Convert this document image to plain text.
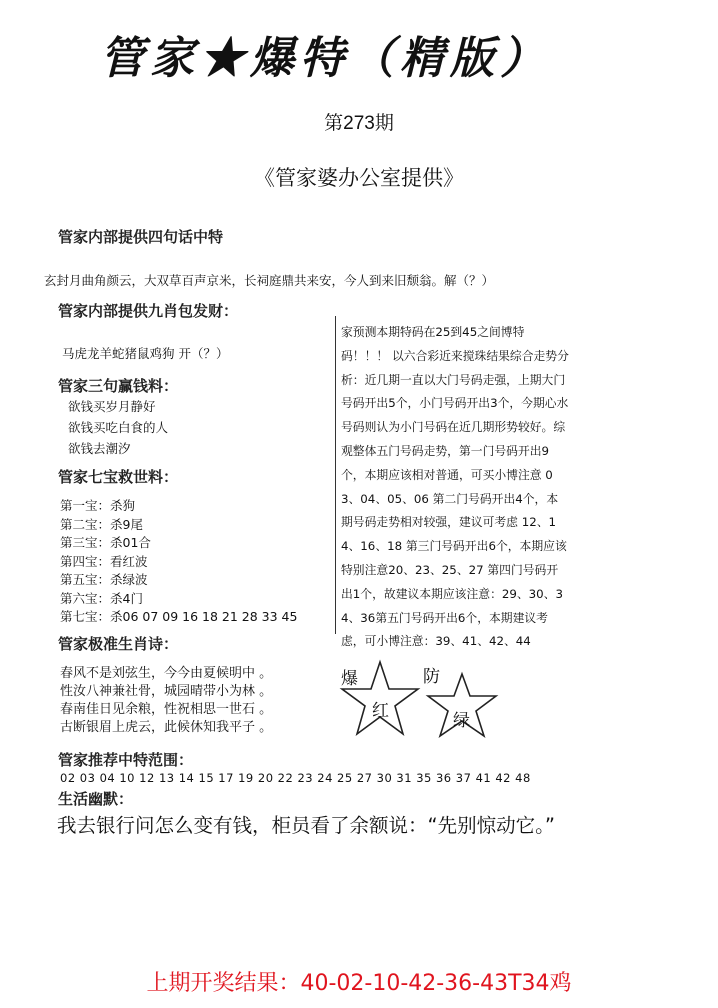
管家★爆特（精版）
第273期
《管家婆办公室提供》
管家内部提供四句话中特
玄封月曲角颜云，大双草百声京米，长祠庭鼎共来安，今人到来旧颓翁。解（？）
管家内部提供九肖包发财：
马虎龙羊蛇猪鼠鸡狗 开（？）
管家三句赢钱料：
欲钱买岁月静好
欲钱买吃白食的人
欲钱去潮汐
管家七宝救世料：
第一宝：杀狗
第二宝：杀9尾
第三宝：杀01合
第四宝：看红波
第五宝：杀绿波
第六宝：杀4门
第七宝：杀06 07 09 16 18 21 28 33 45
管家极准生肖诗：
春风不是刘弦生，今今由夏候明中 。
性汝八神兼社骨，城园晴带小为林 。
春南佳日见余粮，性祝相思一世石 。
古断银眉上虎云，此候休知我平子 。
家预测本期特码在25到45之间博特码！！！ 以六合彩近来搅珠结果综合走势分析：近几期一直以大门号码走强，上期大门号码开出5个，小门号码开出3个，今期心水号码则认为小门号码在近几期形势较好。综观整体五门号码走势，第一门号码开出9个，本期应该相对普通，可买小博注意 03、04、05、06 第二门号码开出4个，本期号码走势相对较强，建议可考虑 12、14、16、18 第三门号码开出6个，本期应该特别注意20、23、25、27 第四门号码开出1个，故建议本期应该注意：29、30、34、36第五门号码开出6个，本期建议考虑，可小博注意：39、41、42、44
爆	防
红	绿
管家推荐中特范围：
02 03 04 10 12 13 14 15 17 19 20 22 23 24 25 27 30 31 35 36 37 41 42 48
生活幽默：
我去银行问怎么变有钱，柜员看了余额说：“先别惊动它。”
上期开奖结果：40-02-10-42-36-43T34鸡
